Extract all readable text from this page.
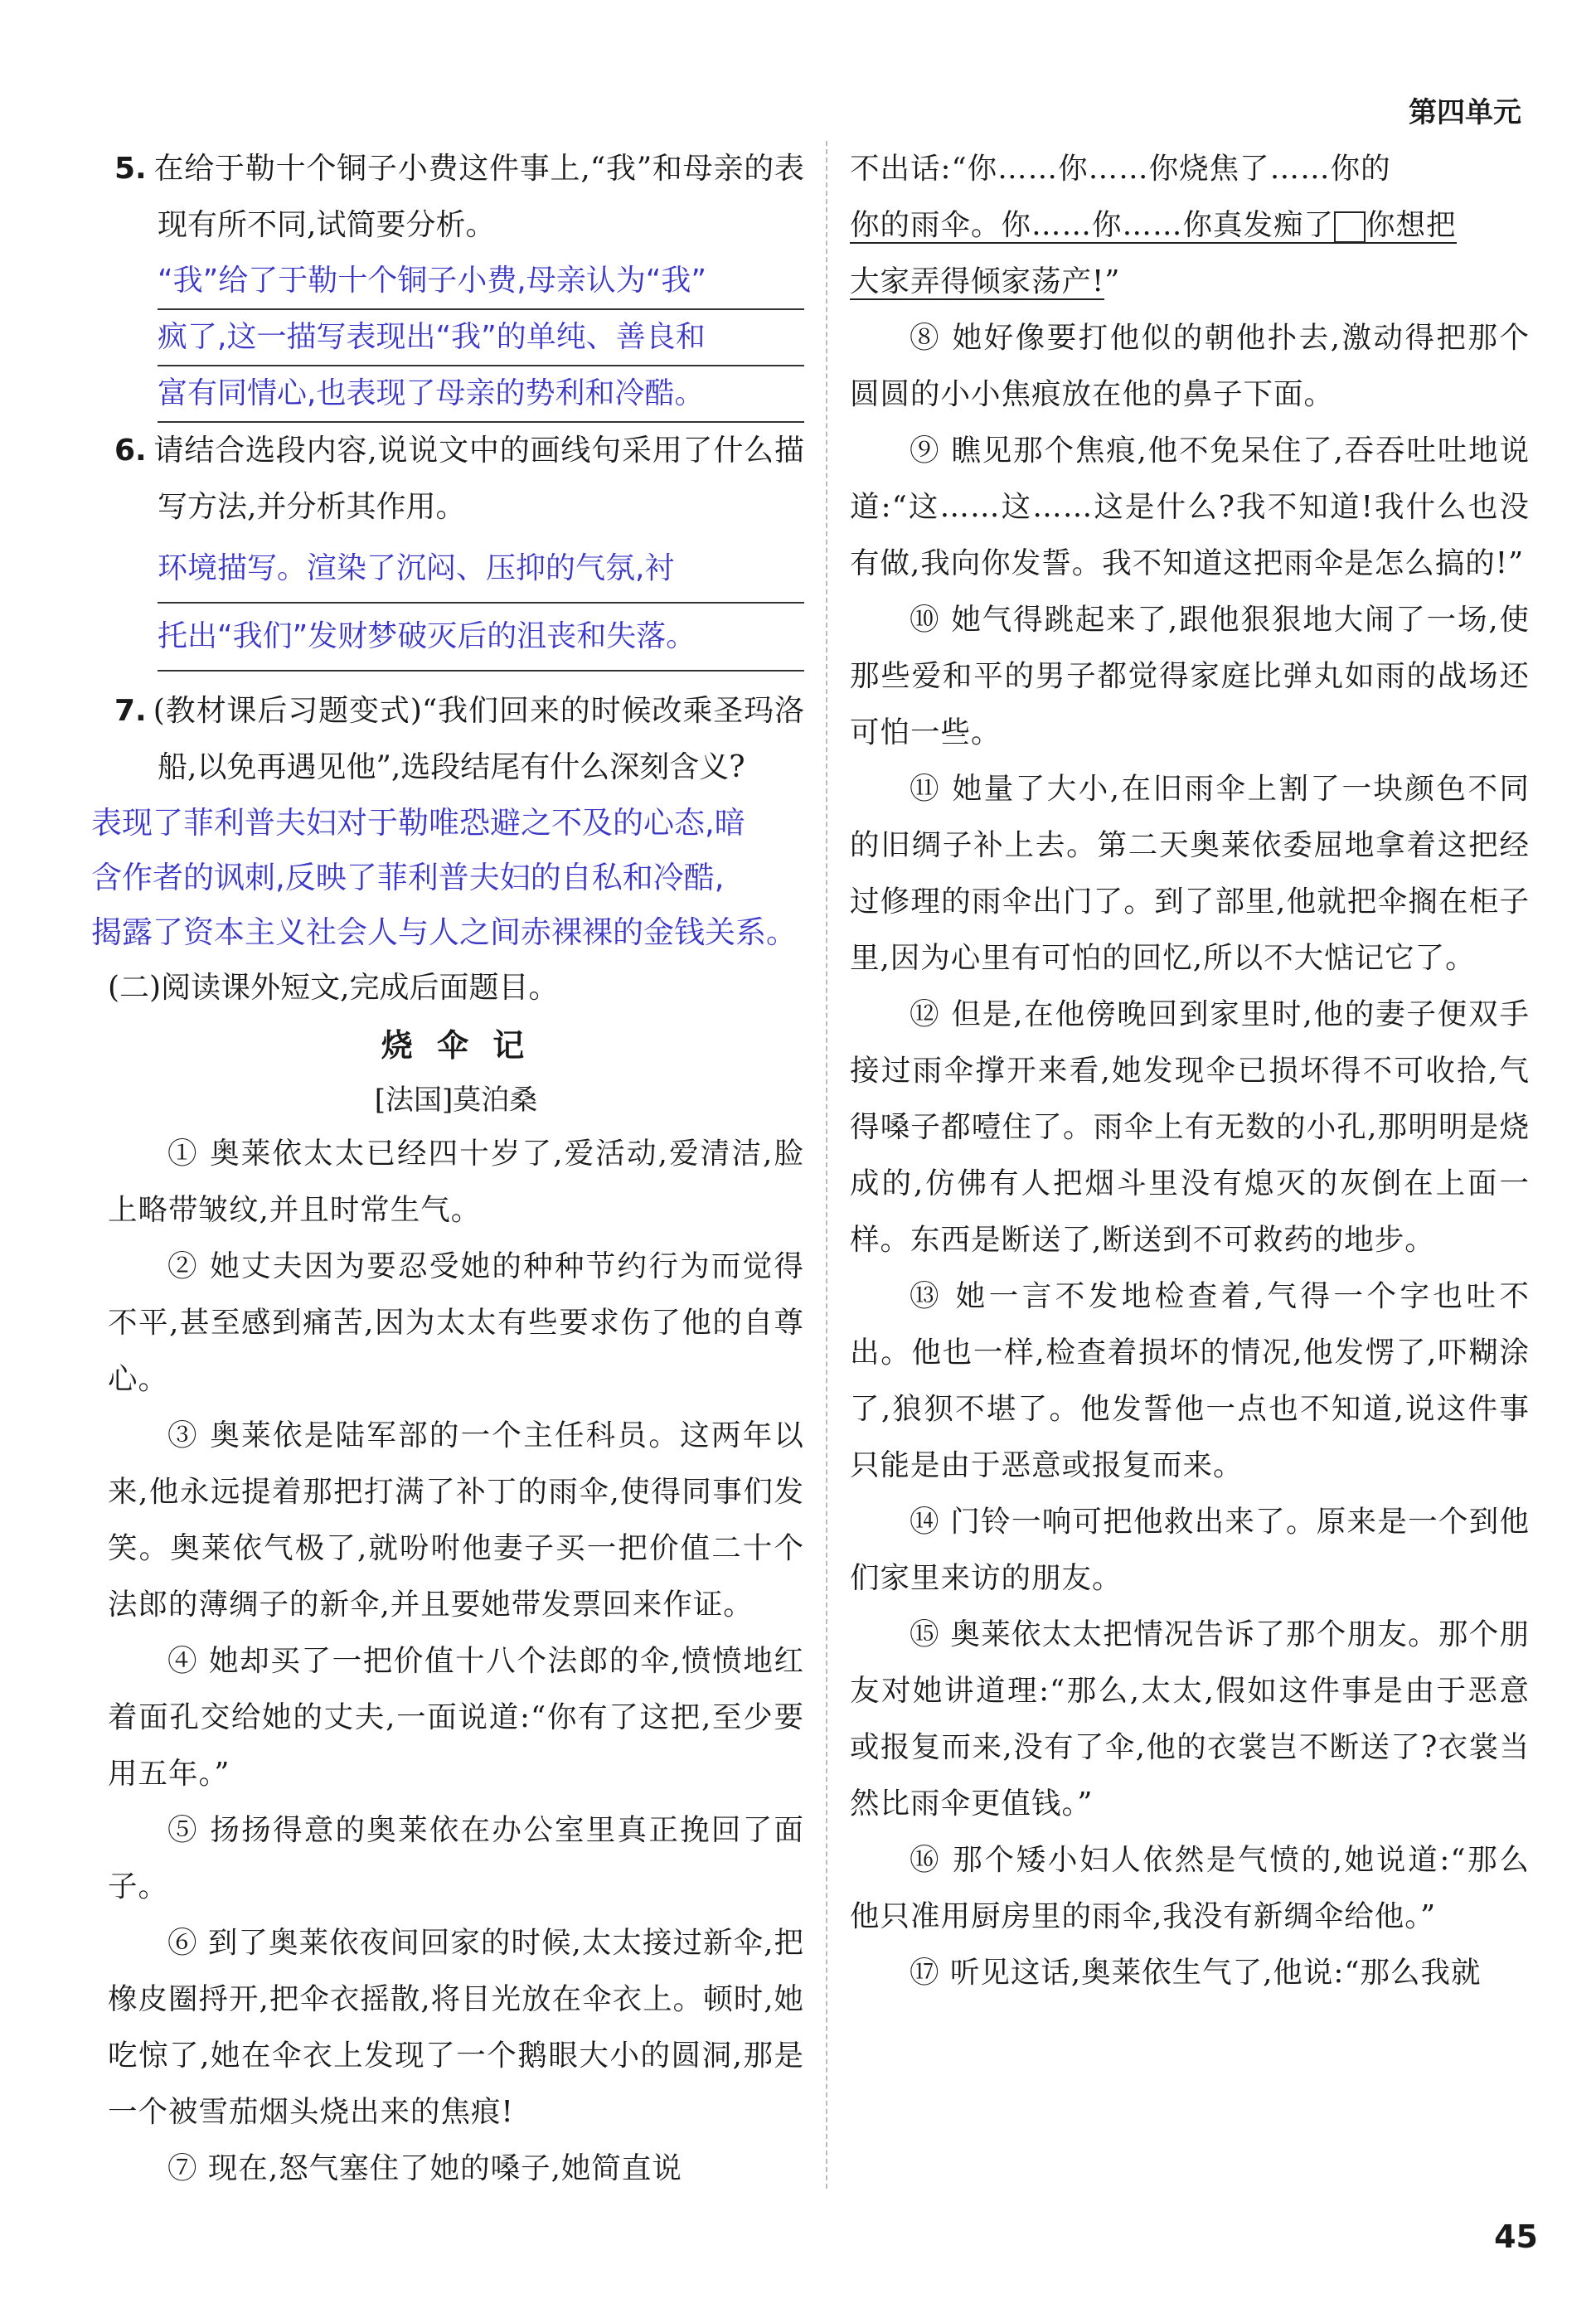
第四单元

5. 在给于勒十个铜子小费这件事上,“我”和母亲的表现有所不同,试简要分析。

“我”给了于勒十个铜子小费,母亲认为“我”
疯了,这一描写表现出“我”的单纯、善良和
富有同情心,也表现了母亲的势利和冷酷。

6. 请结合选段内容,说说文中的画线句采用了什么描写方法,并分析其作用。

环境描写。渲染了沉闷、压抑的气氛,衬
托出“我们”发财梦破灭后的沮丧和失落。

7. (教材课后习题变式)“我们回来的时候改乘圣玛洛船,以免再遇见他”,选段结尾有什么深刻含义?

表现了菲利普夫妇对于勒唯恐避之不及的心态,暗
含作者的讽刺,反映了菲利普夫妇的自私和冷酷,
揭露了资本主义社会人与人之间赤裸裸的金钱关系。

(二)阅读课外短文,完成后面题目。

烧 伞 记
[法国]莫泊桑

① 奥莱依太太已经四十岁了,爱活动,爱清洁,脸上略带皱纹,并且时常生气。

② 她丈夫因为要忍受她的种种节约行为而觉得不平,甚至感到痛苦,因为太太有些要求伤了他的自尊心。

③ 奥莱依是陆军部的一个主任科员。这两年以来,他永远提着那把打满了补丁的雨伞,使得同事们发笑。奥莱依气极了,就吩咐他妻子买一把价值二十个法郎的薄绸子的新伞,并且要她带发票回来作证。

④ 她却买了一把价值十八个法郎的伞,愤愤地红着面孔交给她的丈夫,一面说道:“你有了这把,至少要用五年。”

⑤ 扬扬得意的奥莱依在办公室里真正挽回了面子。

⑥ 到了奥莱依夜间回家的时候,太太接过新伞,把橡皮圈捋开,把伞衣摇散,将目光放在伞衣上。顿时,她吃惊了,她在伞衣上发现了一个鹅眼大小的圆洞,那是一个被雪茄烟头烧出来的焦痕!

⑦ 现在,怒气塞住了她的嗓子,她简直说

不出话:“你……你……你烧焦了……你的
你的雨伞。你……你……你真发痴了 你想把
大家弄得倾家荡产!”

⑧ 她好像要打他似的朝他扑去,激动得把那个圆圆的小小焦痕放在他的鼻子下面。

⑨ 瞧见那个焦痕,他不免呆住了,吞吞吐吐地说道:“这……这……这是什么?我不知道!我什么也没有做,我向你发誓。我不知道这把雨伞是怎么搞的!”

⑩ 她气得跳起来了,跟他狠狠地大闹了一场,使那些爱和平的男子都觉得家庭比弹丸如雨的战场还可怕一些。

⑪ 她量了大小,在旧雨伞上割了一块颜色不同的旧绸子补上去。第二天奥莱依委屈地拿着这把经过修理的雨伞出门了。到了部里,他就把伞搁在柜子里,因为心里有可怕的回忆,所以不大惦记它了。

⑫ 但是,在他傍晚回到家里时,他的妻子便双手接过雨伞撑开来看,她发现伞已损坏得不可收拾,气得嗓子都噎住了。雨伞上有无数的小孔,那明明是烧成的,仿佛有人把烟斗里没有熄灭的灰倒在上面一样。东西是断送了,断送到不可救药的地步。

⑬ 她一言不发地检查着,气得一个字也吐不出。他也一样,检查着损坏的情况,他发愣了,吓糊涂了,狼狈不堪了。他发誓他一点也不知道,说这件事只能是由于恶意或报复而来。

⑭ 门铃一响可把他救出来了。原来是一个到他们家里来访的朋友。

⑮ 奥莱依太太把情况告诉了那个朋友。那个朋友对她讲道理:“那么,太太,假如这件事是由于恶意或报复而来,没有了伞,他的衣裳岂不断送了?衣裳当然比雨伞更值钱。”

⑯ 那个矮小妇人依然是气愤的,她说道:“那么他只准用厨房里的雨伞,我没有新绸伞给他。”

⑰ 听见这话,奥莱依生气了,他说:“那么我就

45
